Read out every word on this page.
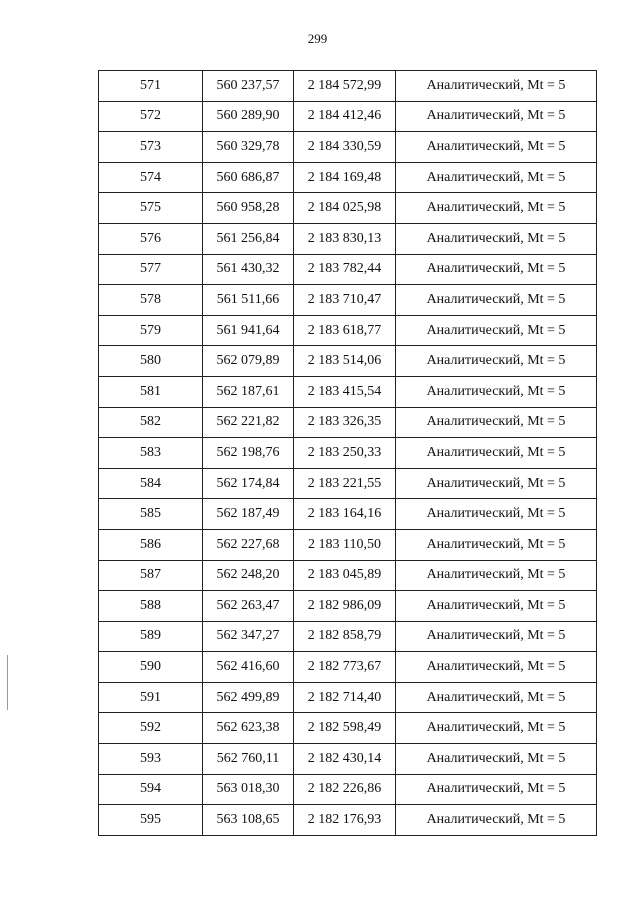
299
571	560 237,57	2 184 572,99	Аналитический, Mt = 5
572	560 289,90	2 184 412,46	Аналитический, Mt = 5
573	560 329,78	2 184 330,59	Аналитический, Mt = 5
574	560 686,87	2 184 169,48	Аналитический, Mt = 5
575	560 958,28	2 184 025,98	Аналитический, Mt = 5
576	561 256,84	2 183 830,13	Аналитический, Mt = 5
577	561 430,32	2 183 782,44	Аналитический, Mt = 5
578	561 511,66	2 183 710,47	Аналитический, Mt = 5
579	561 941,64	2 183 618,77	Аналитический, Mt = 5
580	562 079,89	2 183 514,06	Аналитический, Mt = 5
581	562 187,61	2 183 415,54	Аналитический, Mt = 5
582	562 221,82	2 183 326,35	Аналитический, Mt = 5
583	562 198,76	2 183 250,33	Аналитический, Mt = 5
584	562 174,84	2 183 221,55	Аналитический, Mt = 5
585	562 187,49	2 183 164,16	Аналитический, Mt = 5
586	562 227,68	2 183 110,50	Аналитический, Mt = 5
587	562 248,20	2 183 045,89	Аналитический, Mt = 5
588	562 263,47	2 182 986,09	Аналитический, Mt = 5
589	562 347,27	2 182 858,79	Аналитический, Mt = 5
590	562 416,60	2 182 773,67	Аналитический, Mt = 5
591	562 499,89	2 182 714,40	Аналитический, Mt = 5
592	562 623,38	2 182 598,49	Аналитический, Mt = 5
593	562 760,11	2 182 430,14	Аналитический, Mt = 5
594	563 018,30	2 182 226,86	Аналитический, Mt = 5
595	563 108,65	2 182 176,93	Аналитический, Mt = 5
